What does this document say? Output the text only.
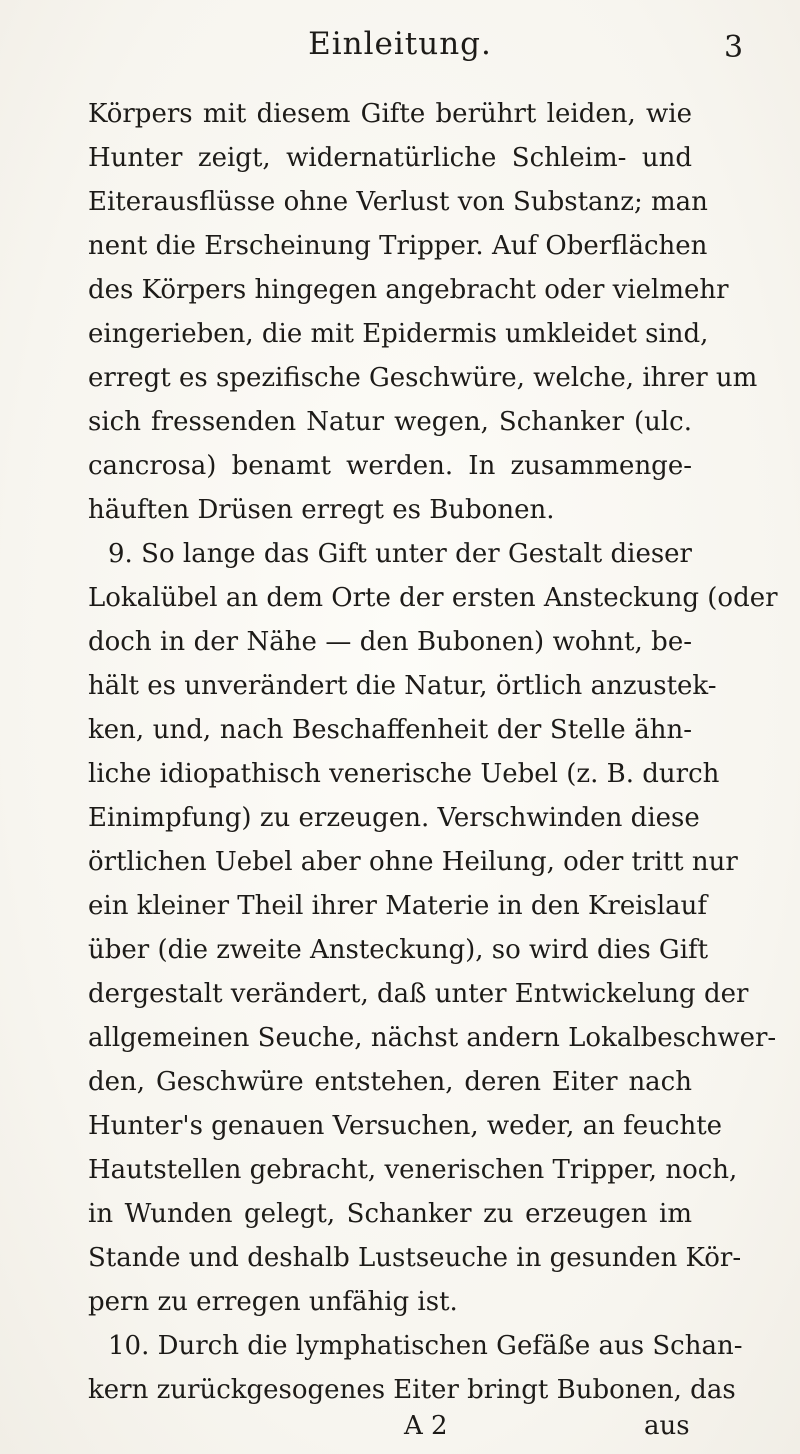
Einleitung.	3
Körpers mit diesem Gifte berührt leiden, wie
Hunter zeigt, widernatürliche Schleim- und
Eiterausflüsse ohne Verlust von Substanz; man
nent die Erscheinung Tripper. Auf Oberflächen
des Körpers hingegen angebracht oder vielmehr
eingerieben, die mit Epidermis umkleidet sind,
erregt es spezifische Geschwüre, welche, ihrer um
sich fressenden Natur wegen, Schanker (ulc.
cancrosa) benamt werden. In zusammenge-
häuften Drüsen erregt es Bubonen.
9. So lange das Gift unter der Gestalt dieser
Lokalübel an dem Orte der ersten Ansteckung (oder
doch in der Nähe — den Bubonen) wohnt, be-
hält es unverändert die Natur, örtlich anzustek-
ken, und, nach Beschaffenheit der Stelle ähn-
liche idiopathisch venerische Uebel (z. B. durch
Einimpfung) zu erzeugen. Verschwinden diese
örtlichen Uebel aber ohne Heilung, oder tritt nur
ein kleiner Theil ihrer Materie in den Kreislauf
über (die zweite Ansteckung), so wird dies Gift
dergestalt verändert, daß unter Entwickelung der
allgemeinen Seuche, nächst andern Lokalbeschwer-
den, Geschwüre entstehen, deren Eiter nach
Hunter's genauen Versuchen, weder, an feuchte
Hautstellen gebracht, venerischen Tripper, noch,
in Wunden gelegt, Schanker zu erzeugen im
Stande und deshalb Lustseuche in gesunden Kör-
pern zu erregen unfähig ist.
10. Durch die lymphatischen Gefäße aus Schan-
kern zurückgesogenes Eiter bringt Bubonen, das
A 2	aus
